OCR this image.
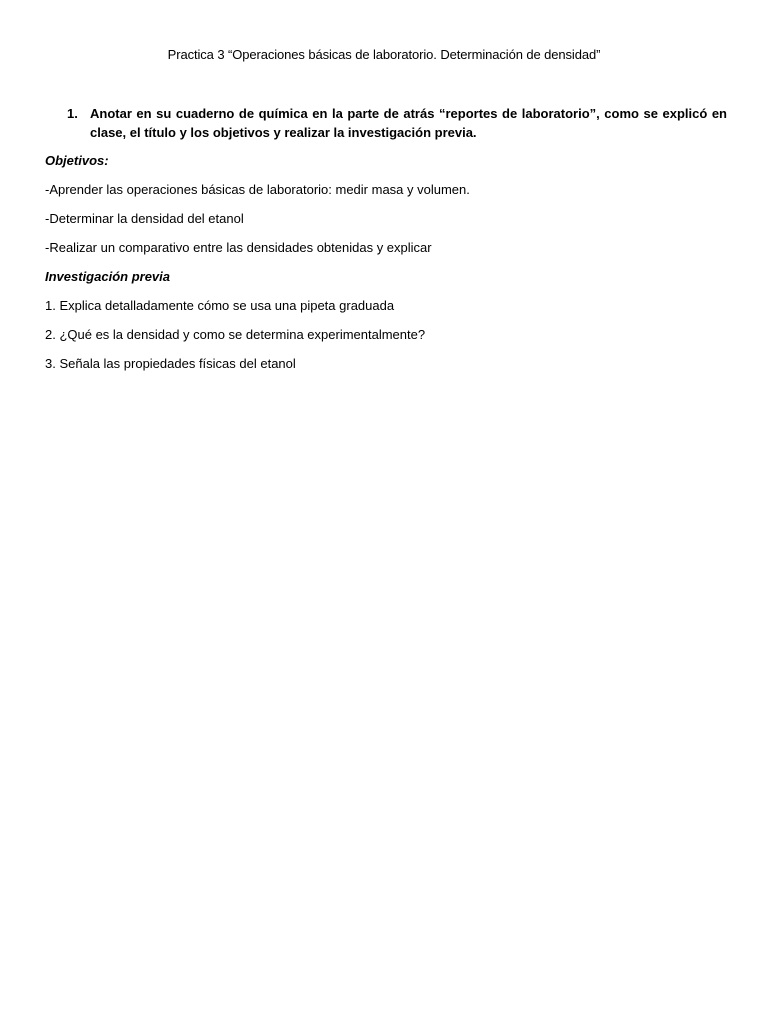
Practica 3 “Operaciones básicas de laboratorio. Determinación de densidad”
1. Anotar en su cuaderno de química en la parte de atrás “reportes de laboratorio”, como se explicó en clase, el título y los objetivos y realizar la investigación previa.
Objetivos:
-Aprender las operaciones básicas de laboratorio: medir masa y volumen.
-Determinar la densidad del etanol
-Realizar un comparativo entre las densidades obtenidas y explicar
Investigación previa
1. Explica detalladamente cómo se usa una pipeta graduada
2. ¿Qué es la densidad y como se determina experimentalmente?
3. Señala las propiedades físicas del etanol
